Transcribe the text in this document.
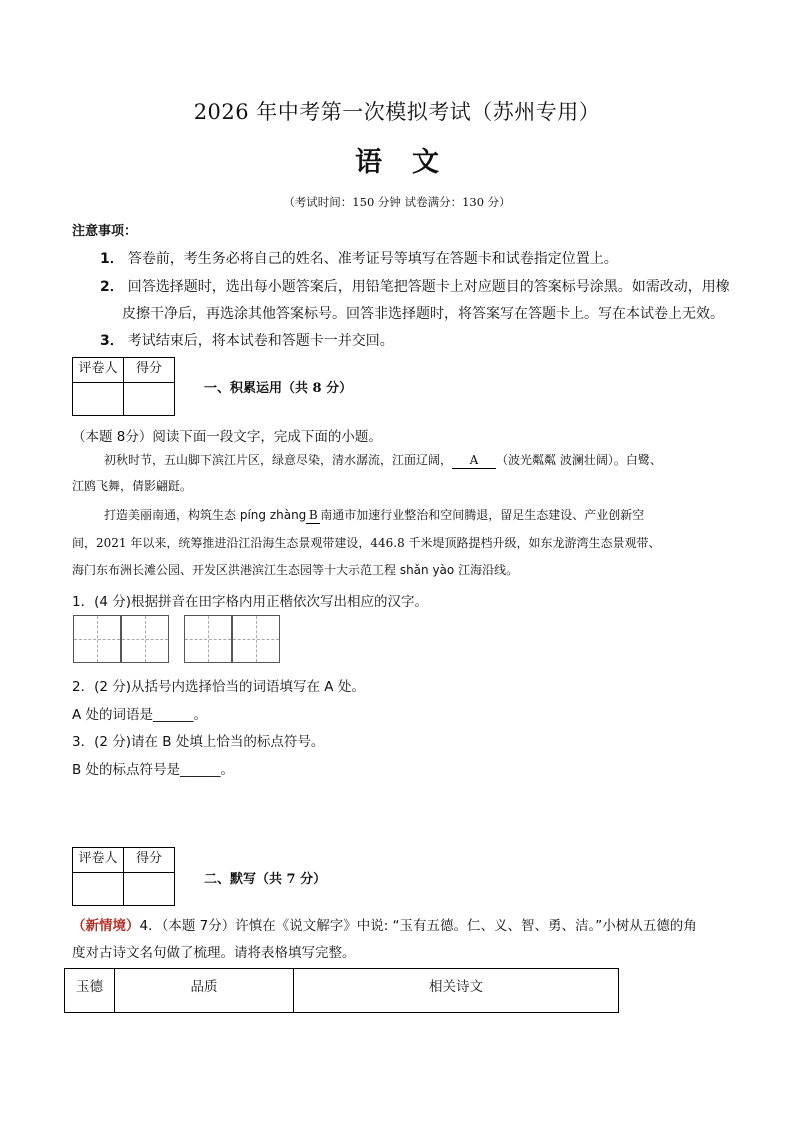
2026 年中考第一次模拟考试（苏州专用）
语文
（考试时间：150 分钟 试卷满分：130 分）
注意事项：
1． 答卷前，考生务必将自己的姓名、准考证号等填写在答题卡和试卷指定位置上。
2． 回答选择题时，选出每小题答案后，用铅笔把答题卡上对应题目的答案标号涂黑。如需改动，用橡
皮擦干净后，再选涂其他答案标号。回答非选择题时，将答案写在答题卡上。写在本试卷上无效。
3． 考试结束后，将本试卷和答题卡一并交回。
评卷人	得分

一、积累运用（共 8 分）
（本题 8分）阅读下面一段文字，完成下面的小题。
初秋时节，五山脚下滨江片区，绿意尽染，清水潺流，江面辽阔， A （波光粼粼 波澜壮阔）。白鹭、
江鸥飞舞，倩影翩跹。
打造美丽南通，构筑生态 píng zhàng B 南通市加速行业整治和空间腾退，留足生态建设、产业创新空
间，2021 年以来，统筹推进沿江沿海生态景观带建设，446.8 千米堤顶路提档升级，如东龙游湾生态景观带、
海门东布洲长滩公园、开发区洪港滨江生态园等十大示范工程 shǎn yào 江海沿线。
1．(4 分)根据拼音在田字格内用正楷依次写出相应的汉字。
2．(2 分)从括号内选择恰当的词语填写在 A 处。
A 处的词语是______。
3．(2 分)请在 B 处填上恰当的标点符号。
B 处的标点符号是______。
评卷人	得分

二、默写（共 7 分）
（新情境）4．（本题 7分）许慎在《说文解字》中说: “玉有五德。仁、义、智、勇、洁。”小树从五德的角
度对古诗文名句做了梳理。请将表格填写完整。
玉德	品质	相关诗文
